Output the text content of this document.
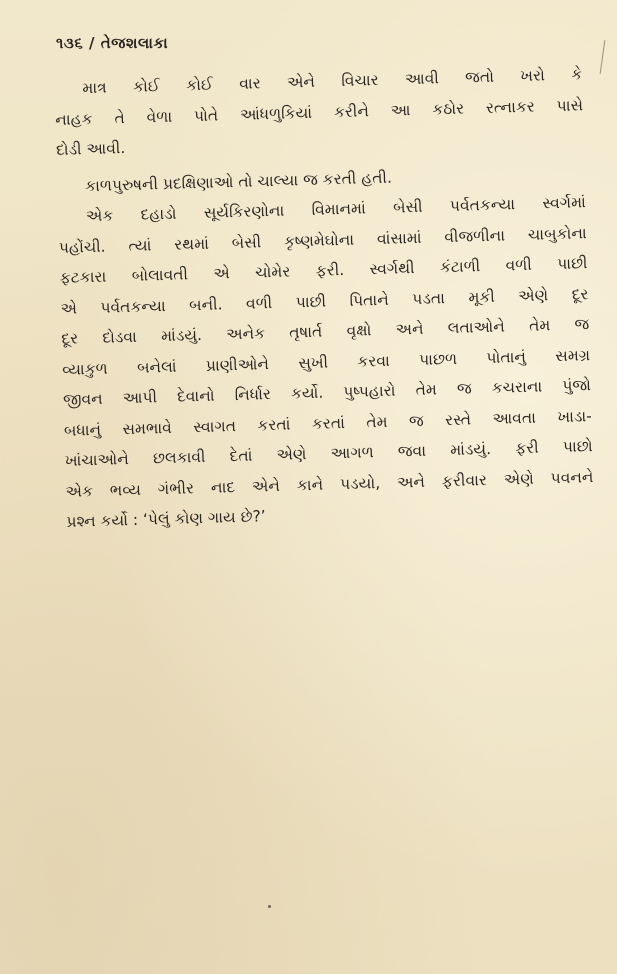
૧૩૬ / તેજશલાકા
માત્ર કોઈ કોઈ વાર એને વિચાર આવી જતો ખરો કે
નાહક તે વેળા પોતે આંધળુકિયાં કરીને આ કઠોર રત્નાકર પાસે
દોડી આવી.
કાળપુરુષની પ્રદક્ષિણાઓ તો ચાલ્યા જ કરતી હતી.
એક દહાડો સૂર્યકિરણોના વિમાનમાં બેસી પર્વતકન્યા સ્વર્ગમાં
પહોંચી. ત્યાં રથમાં બેસી કૃષ્ણમેઘોના વાંસામાં વીજળીના ચાબુકોના
ફટકારા બોલાવતી એ ચોમેર ફરી. સ્વર્ગથી કંટાળી વળી પાછી
એ પર્વતકન્યા બની. વળી પાછી પિતાને પડતા મૂકી એણે દૂર
દૂર દોડવા માંડયું. અનેક તૃષાર્ત વૃક્ષો અને લતાઓને તેમ જ
વ્યાકુળ બનેલાં પ્રાણીઓને સુખી કરવા પાછળ પોતાનું સમગ્ર
જીવન આપી દેવાનો નિર્ધાર કર્યો. પુષ્પહારો તેમ જ કચરાના પુંજો
બધાનું સમભાવે સ્વાગત કરતાં કરતાં તેમ જ રસ્તે આવતા ખાડા-
ખાંચાઓને છલકાવી દેતાં એણે આગળ જવા માંડયું. ફરી પાછો
એક ભવ્ય ગંભીર નાદ એને કાને પડયો, અને ફરીવાર એણે પવનને
પ્રશ્ન કર્યો : ‘પેલું કોણ ગાય છે?’
